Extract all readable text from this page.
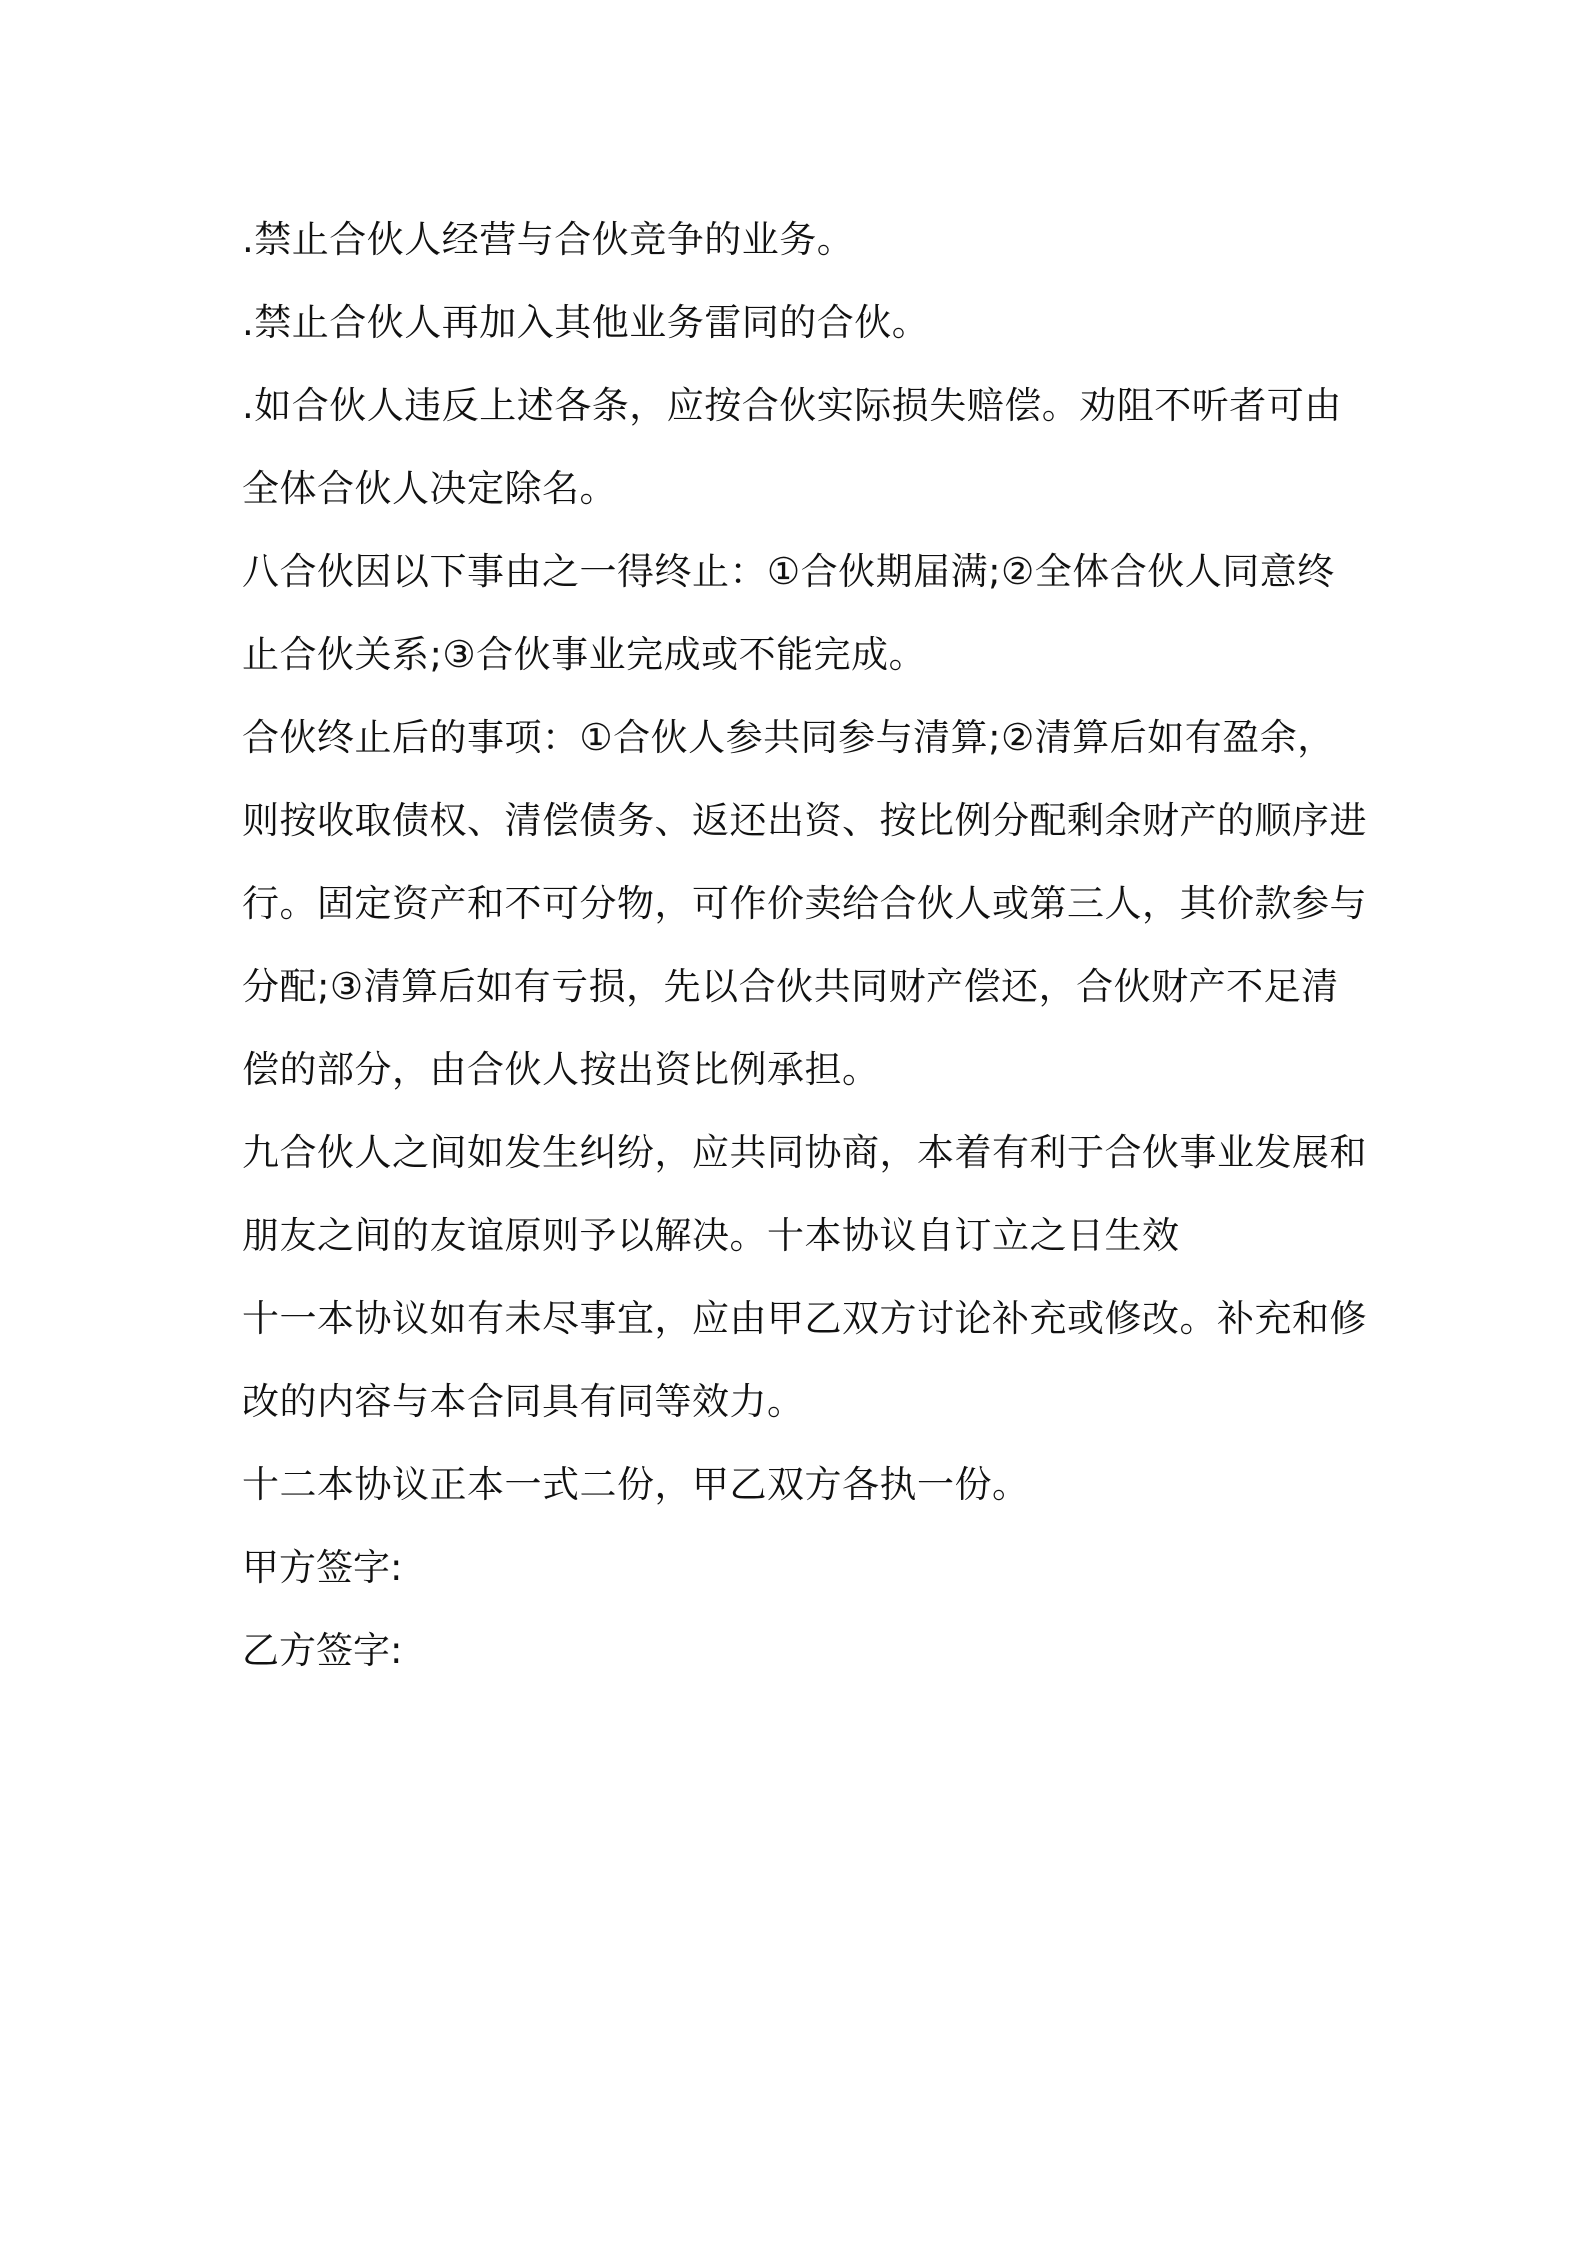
.禁止合伙人经营与合伙竞争的业务。

.禁止合伙人再加入其他业务雷同的合伙。

.如合伙人违反上述各条，应按合伙实际损失赔偿。劝阻不听者可由

全体合伙人决定除名。

八合伙因以下事由之一得终止：①合伙期届满;②全体合伙人同意终

止合伙关系;③合伙事业完成或不能完成。

合伙终止后的事项：①合伙人参共同参与清算;②清算后如有盈余，

则按收取债权、清偿债务、返还出资、按比例分配剩余财产的顺序进

行。固定资产和不可分物，可作价卖给合伙人或第三人，其价款参与

分配;③清算后如有亏损，先以合伙共同财产偿还，合伙财产不足清

偿的部分，由合伙人按出资比例承担。

九合伙人之间如发生纠纷，应共同协商，本着有利于合伙事业发展和

朋友之间的友谊原则予以解决。十本协议自订立之日生效

十一本协议如有未尽事宜，应由甲乙双方讨论补充或修改。补充和修

改的内容与本合同具有同等效力。

十二本协议正本一式二份，甲乙双方各执一份。

甲方签字:

乙方签字:
